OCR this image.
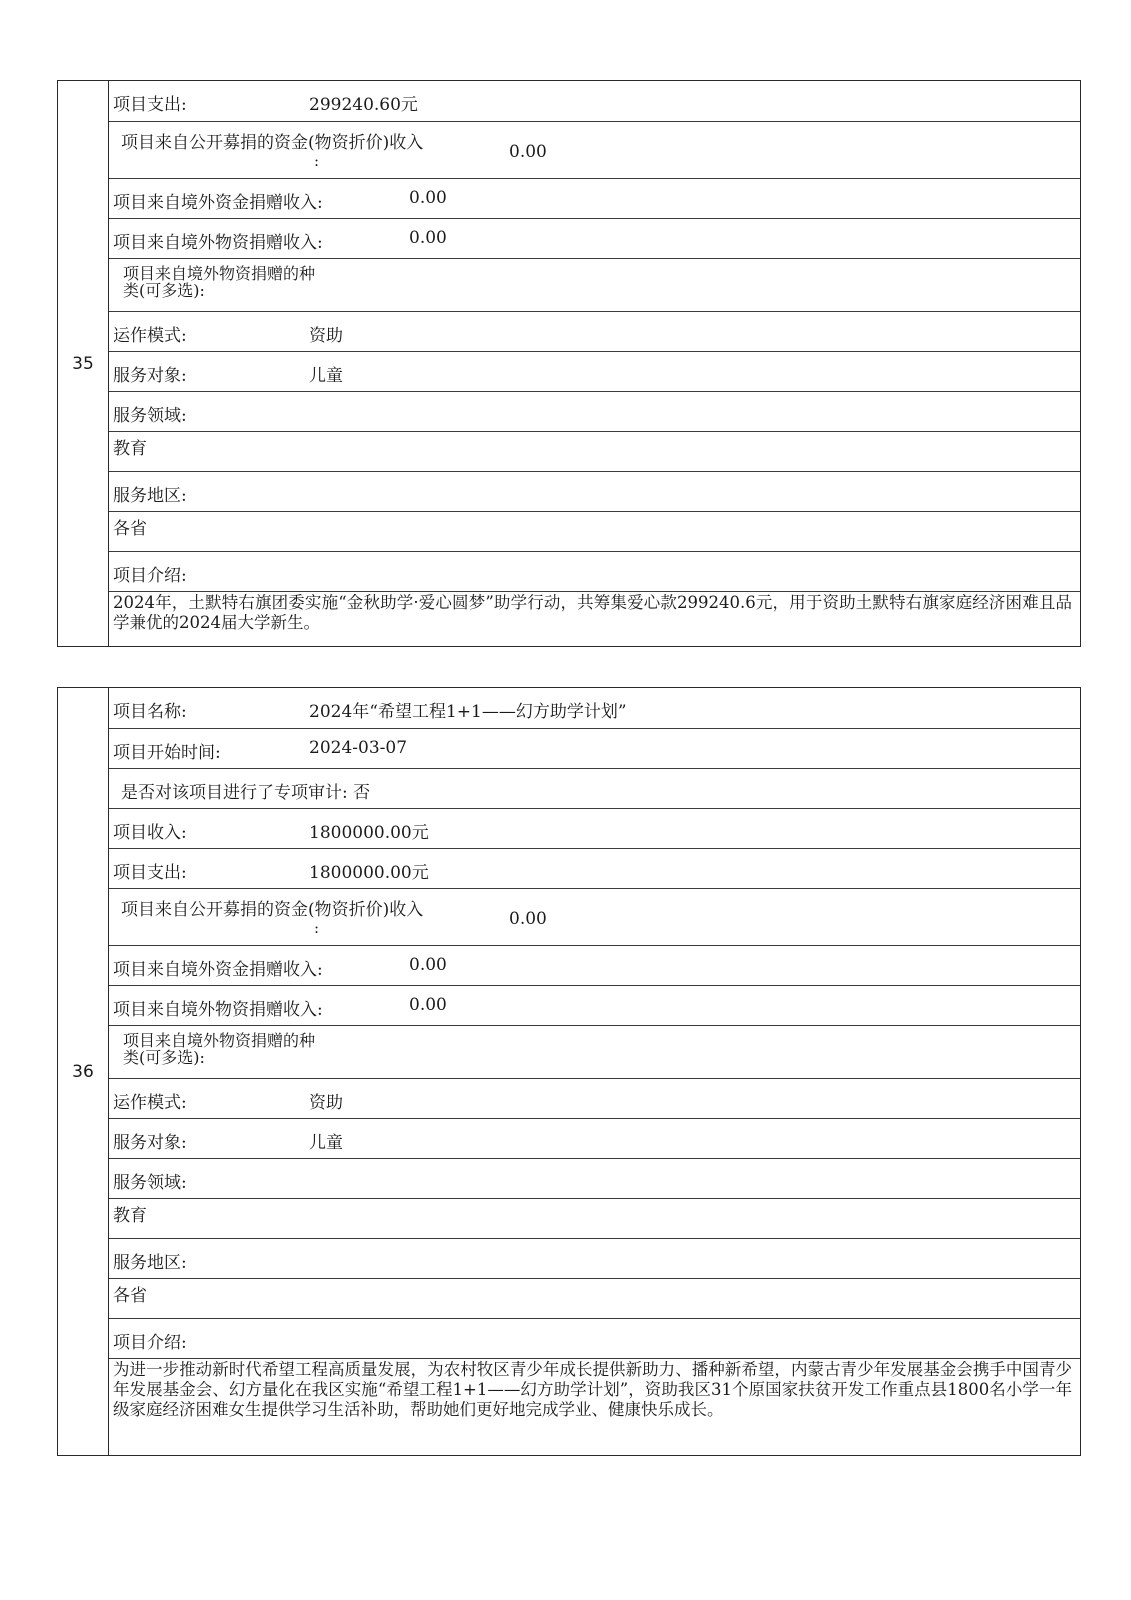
35
项目支出:	299240.60元
项目来自公开募捐的资金(物资折价)收入
:	0.00
项目来自境外资金捐赠收入:	0.00
项目来自境外物资捐赠收入:	0.00
项目来自境外物资捐赠的种类(可多选):
运作模式:	资助
服务对象:	儿童
服务领域:
教育
服务地区:
各省
项目介绍:
2024年，土默特右旗团委实施“金秋助学·爱心圆梦”助学行动，共筹集爱心款299240.6元，用于资助土默特右旗家庭经济困难且品学兼优的2024届大学新生。
36
项目名称:	2024年“希望工程1+1——幻方助学计划”
项目开始时间:	2024-03-07
是否对该项目进行了专项审计: 否
项目收入:	1800000.00元
项目支出:	1800000.00元
项目来自公开募捐的资金(物资折价)收入
:	0.00
项目来自境外资金捐赠收入:	0.00
项目来自境外物资捐赠收入:	0.00
项目来自境外物资捐赠的种类(可多选):
运作模式:	资助
服务对象:	儿童
服务领域:
教育
服务地区:
各省
项目介绍:
为进一步推动新时代希望工程高质量发展，为农村牧区青少年成长提供新助力、播种新希望，内蒙古青少年发展基金会携手中国青少年发展基金会、幻方量化在我区实施“希望工程1+1——幻方助学计划”，资助我区31个原国家扶贫开发工作重点县1800名小学一年级家庭经济困难女生提供学习生活补助，帮助她们更好地完成学业、健康快乐成长。
